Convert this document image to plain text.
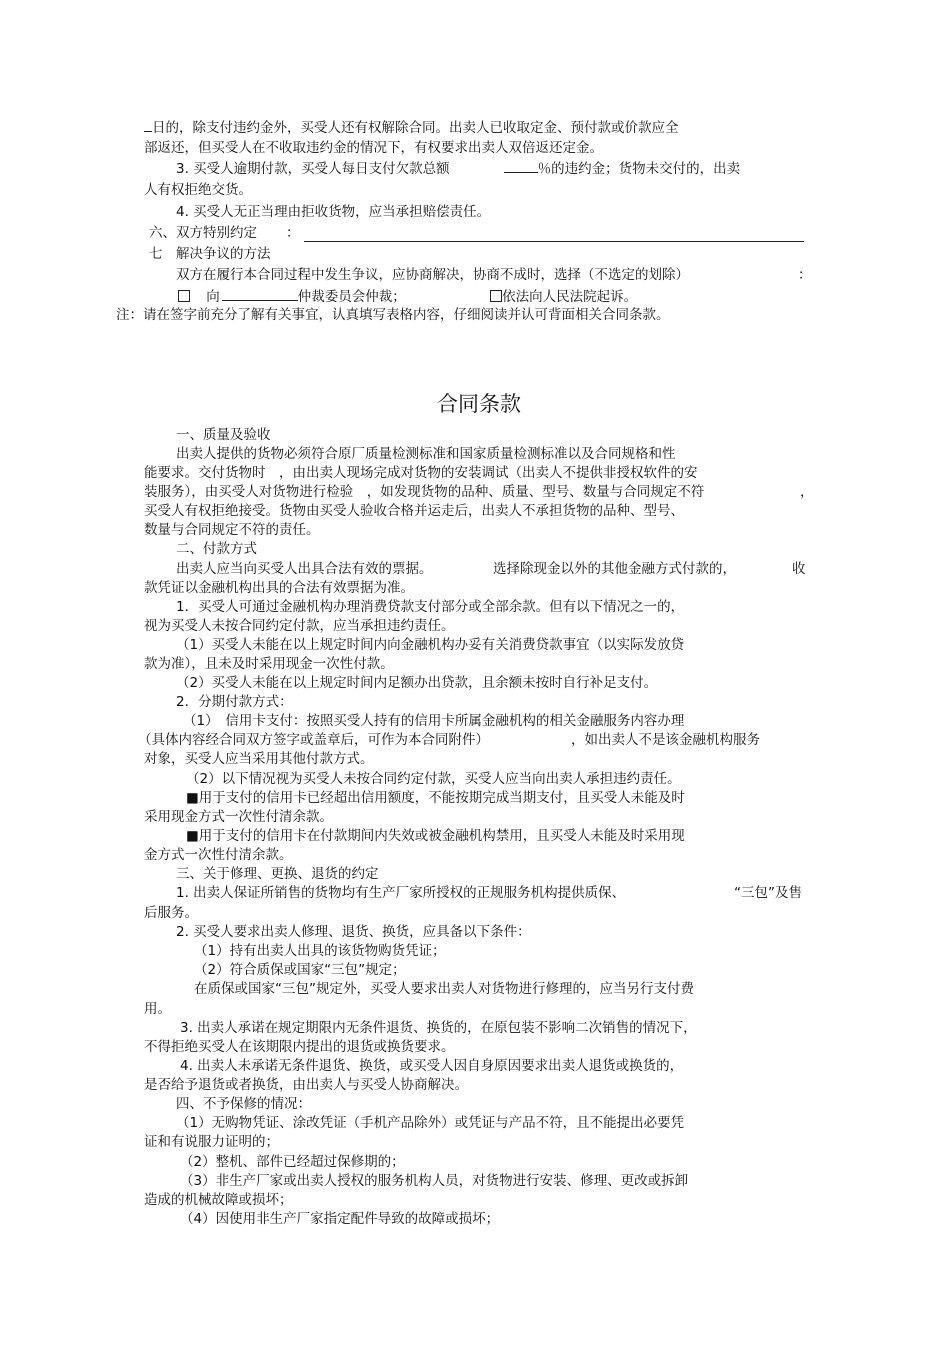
日的，除支付违约金外，买受人还有权解除合同。出卖人已收取定金、预付款或价款应全
部返还，但买受人在不收取违约金的情况下，有权要求出卖人双倍返还定金。
3. 买受人逾期付款，买受人每日支付欠款总额	％的违约金；货物未交付的，出卖
人有权拒绝交货。
4. 买受人无正当理由拒收货物，应当承担赔偿责任。
六、双方特别约定 ：
七　解决争议的方法
双方在履行本合同过程中发生争议，应协商解决，协商不成时，选择（不选定的划除）	：
向	仲裁委员会仲裁；	依法向人民法院起诉。
注：请在签字前充分了解有关事宜，认真填写表格内容，仔细阅读并认可背面相关合同条款。
合同条款
一、质量及验收
出卖人提供的货物必须符合原厂质量检测标准和国家质量检测标准以及合同规格和性
能要求。交付货物时　，由出卖人现场完成对货物的安装调试（出卖人不提供非授权软件的安
装服务），由买受人对货物进行检验　，如发现货物的品种、质量、型号、数量与合同规定不符	，
买受人有权拒绝接受。货物由买受人验收合格并运走后，出卖人不承担货物的品种、型号、
数量与合同规定不符的责任。
二、付款方式
出卖人应当向买受人出具合法有效的票据。	选择除现金以外的其他金融方式付款的，	收
款凭证以金融机构出具的合法有效票据为准。
1．买受人可通过金融机构办理消费贷款支付部分或全部余款。但有以下情况之一的，
视为买受人未按合同约定付款，应当承担违约责任。
（1）买受人未能在以上规定时间内向金融机构办妥有关消费贷款事宜（以实际发放贷
款为准），且未及时采用现金一次性付款。
（2）买受人未能在以上规定时间内足额办出贷款，且余额未按时自行补足支付。
2．分期付款方式：
（1）　信用卡支付：按照买受人持有的信用卡所属金融机构的相关金融服务内容办理
（具体内容经合同双方签字或盖章后，可作为本合同附件）	，如出卖人不是该金融机构服务
对象，买受人应当采用其他付款方式。
（2）以下情况视为买受人未按合同约定付款，买受人应当向出卖人承担违约责任。
■用于支付的信用卡已经超出信用额度，不能按期完成当期支付，且买受人未能及时
采用现金方式一次性付清余款。
■用于支付的信用卡在付款期间内失效或被金融机构禁用，且买受人未能及时采用现
金方式一次性付清余款。
三、关于修理、更换、退货的约定
1. 出卖人保证所销售的货物均有生产厂家所授权的正规服务机构提供质保、	“三包”及售
后服务。
2. 买受人要求出卖人修理、退货、换货，应具备以下条件：
（1）持有出卖人出具的该货物购货凭证；
（2）符合质保或国家“三包”规定；
在质保或国家“三包”规定外，买受人要求出卖人对货物进行修理的，应当另行支付费
用。
3. 出卖人承诺在规定期限内无条件退货、换货的，在原包装不影响二次销售的情况下，
不得拒绝买受人在该期限内提出的退货或换货要求。
4. 出卖人未承诺无条件退货、换货，或买受人因自身原因要求出卖人退货或换货的，
是否给予退货或者换货，由出卖人与买受人协商解决。
四、不予保修的情况：
（1）无购物凭证、涂改凭证（手机产品除外）或凭证与产品不符，且不能提出必要凭
证和有说服力证明的；
（2）整机、部件已经超过保修期的；
（3）非生产厂家或出卖人授权的服务机构人员，对货物进行安装、修理、更改或拆卸
造成的机械故障或损坏；
（4）因使用非生产厂家指定配件导致的故障或损坏；
